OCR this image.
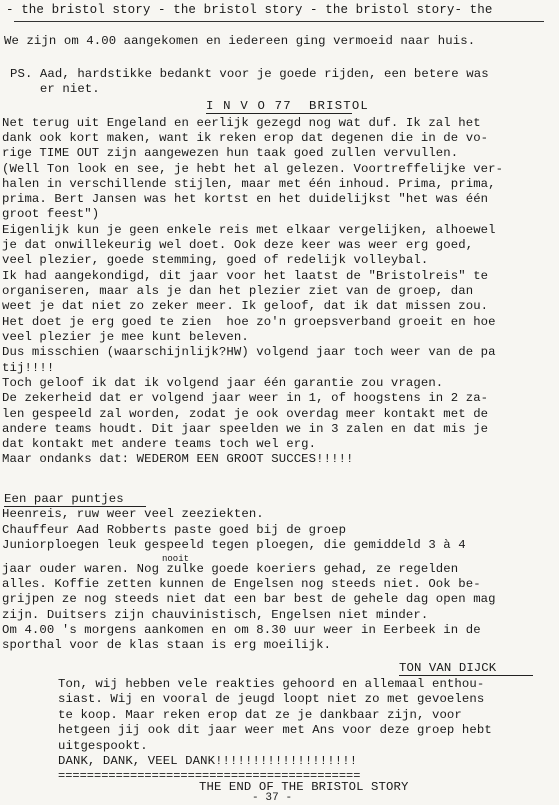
- the bristol story - the bristol story - the bristol story- the
We zijn om 4.00 aangekomen en iedereen ging vermoeid naar huis.
PS. Aad, hardstikke bedankt voor je goede rijden, een betere was
er niet.
I N V O 77  BRISTOL
Net terug uit Engeland en eerlijk gezegd nog wat duf. Ik zal het
dank ook kort maken, want ik reken erop dat degenen die in de vo-
rige TIME OUT zijn aangewezen hun taak goed zullen vervullen.
(Well Ton look en see, je hebt het al gelezen. Voortreffelijke ver-
halen in verschillende stijlen, maar met één inhoud. Prima, prima,
prima. Bert Jansen was het kortst en het duidelijkst "het was één
groot feest")
Eigenlijk kun je geen enkele reis met elkaar vergelijken, alhoewel
je dat onwillekeurig wel doet. Ook deze keer was weer erg goed,
veel plezier, goede stemming, goed of redelijk volleybal.
Ik had aangekondigd, dit jaar voor het laatst de "Bristolreis" te
organiseren, maar als je dan het plezier ziet van de groep, dan
weet je dat niet zo zeker meer. Ik geloof, dat ik dat missen zou.
Het doet je erg goed te zien  hoe zo'n groepsverband groeit en hoe
veel plezier je mee kunt beleven.
Dus misschien (waarschijnlijk?HW) volgend jaar toch weer van de pa
tij!!!!
Toch geloof ik dat ik volgend jaar één garantie zou vragen.
De zekerheid dat er volgend jaar weer in 1, of hoogstens in 2 za-
len gespeeld zal worden, zodat je ook overdag meer kontakt met de
andere teams houdt. Dit jaar speelden we in 3 zalen en dat mis je
dat kontakt met andere teams toch wel erg.
Maar ondanks dat: WEDEROM EEN GROOT SUCCES!!!!!
Een paar puntjes
Heenreis, ruw weer veel zeeziekten.
Chauffeur Aad Robberts paste goed bij de groep
Juniorploegen leuk gespeeld tegen ploegen, die gemiddeld 3 à 4
nooit
jaar ouder waren. Nog zulke goede koeriers gehad, ze regelden
alles. Koffie zetten kunnen de Engelsen nog steeds niet. Ook be-
grijpen ze nog steeds niet dat een bar best de gehele dag open mag
zijn. Duitsers zijn chauvinistisch, Engelsen niet minder.
Om 4.00 's morgens aankomen en om 8.30 uur weer in Eerbeek in de
sporthal voor de klas staan is erg moeilijk.
TON VAN DIJCK
Ton, wij hebben vele reakties gehoord en allemaal enthou-
siast. Wij en vooral de jeugd loopt niet zo met gevoelens
te koop. Maar reken erop dat ze je dankbaar zijn, voor
hetgeen jij ook dit jaar weer met Ans voor deze groep hebt
uitgespookt.
DANK, DANK, VEEL DANK!!!!!!!!!!!!!!!!!!!
==========================================
THE END OF THE BRISTOL STORY
- 37 -
